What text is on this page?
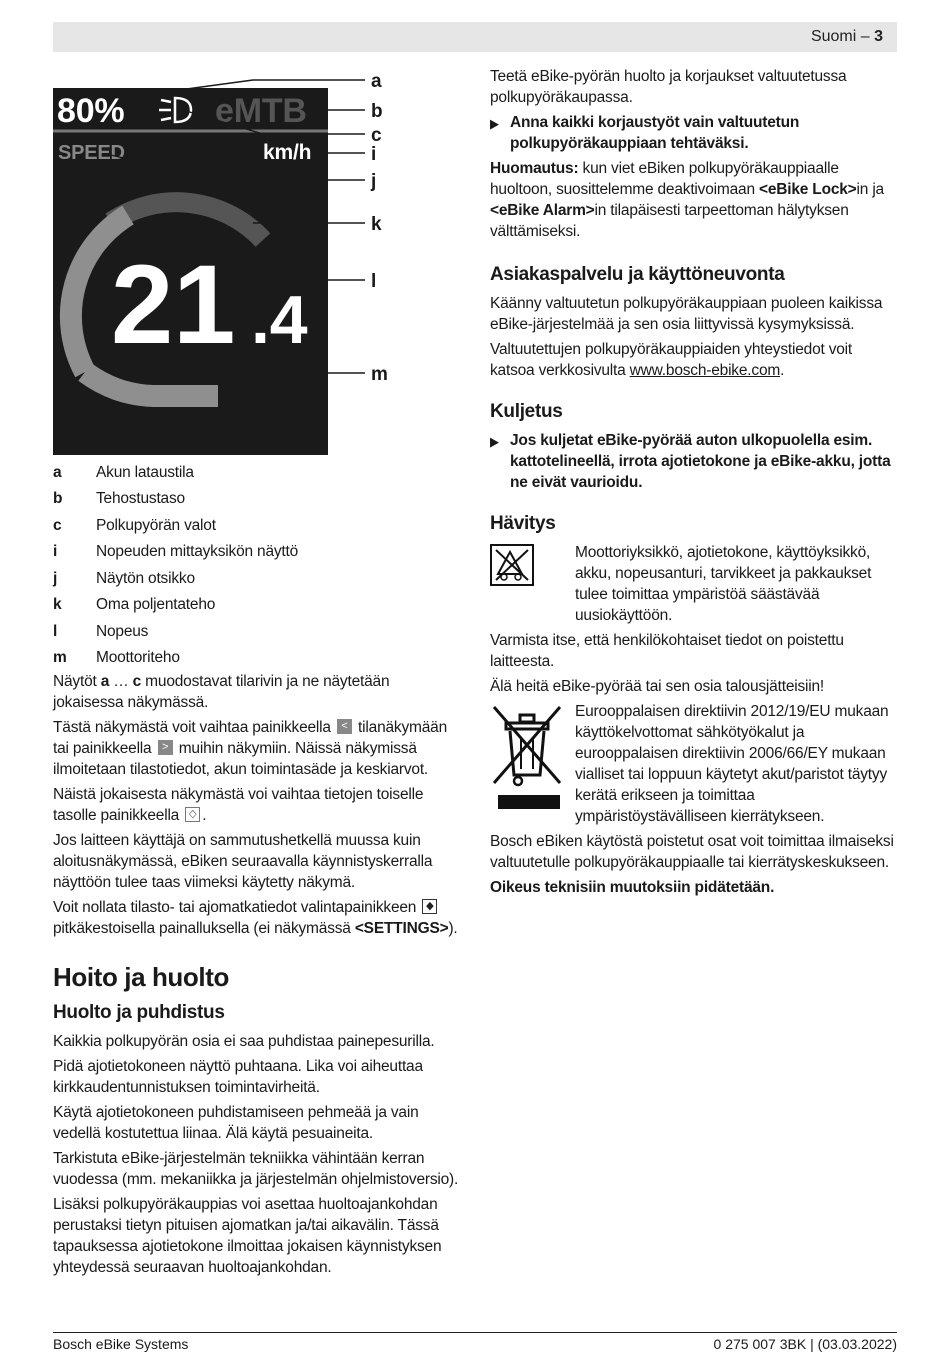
Suomi – 3
80%	eMTB
SPEED	km/h
21 .4
a
b
c
i
j
k
l
m
a	Akun lataustila
b	Tehostustaso
c	Polkupyörän valot
i	Nopeuden mittayksikön näyttö
j	Näytön otsikko
k	Oma poljentateho
l	Nopeus
m	Moottoriteho

Näytöt a … c muodostavat tilarivin ja ne näytetään jokaisessa näkymässä.

Tästä näkymästä voit vaihtaa painikkeella < tilanäkymään tai painikkeella > muihin näkymiin. Näissä näkymissä ilmoitetaan tilastotiedot, akun toimintasäde ja keskiarvot.

Näistä jokaisesta näkymästä voi vaihtaa tietojen toiselle tasolle painikkeella ◇ .

Jos laitteen käyttäjä on sammutushetkellä muussa kuin aloitusnäkymässä, eBiken seuraavalla käynnistyskerralla näyttöön tulee taas viimeksi käytetty näkymä.

Voit nollata tilasto- tai ajomatkatiedot valintapainikkeen ◆
pitkäkestoisella painalluksella (ei näkymässä <SETTINGS>).

Hoito ja huolto
Huolto ja puhdistus

Kaikkia polkupyörän osia ei saa puhdistaa painepesurilla.

Pidä ajotietokoneen näyttö puhtaana. Lika voi aiheuttaa kirkkaudentunnistuksen toimintavirheitä.

Käytä ajotietokoneen puhdistamiseen pehmeää ja vain vedellä kostutettua liinaa. Älä käytä pesuaineita.

Tarkistuta eBike-järjestelmän tekniikka vähintään kerran vuodessa (mm. mekaniikka ja järjestelmän ohjelmistoversio).

Lisäksi polkupyöräkauppias voi asettaa huoltoajankohdan perustaksi tietyn pituisen ajomatkan ja/tai aikavälin. Tässä tapauksessa ajotietokone ilmoittaa jokaisen käynnistyksen yhteydessä seuraavan huoltoajankohdan.

Teetä eBike-pyörän huolto ja korjaukset valtuutetussa polkupyöräkaupassa.

▶ Anna kaikki korjaustyöt vain valtuutetun polkupyöräkauppiaan tehtäväksi.

Huomautus: kun viet eBiken polkupyöräkauppiaalle huoltoon, suosittelemme deaktivoimaan <eBike Lock>in ja <eBike Alarm>in tilapäisesti tarpeettoman hälytyksen välttämiseksi.

Asiakaspalvelu ja käyttöneuvonta

Käänny valtuutetun polkupyöräkauppiaan puoleen kaikissa eBike-järjestelmää ja sen osia liittyvissä kysymyksissä.

Valtuutettujen polkupyöräkauppiaiden yhteystiedot voit katsoa verkkosivulta www.bosch-ebike.com.

Kuljetus
▶ Jos kuljetat eBike-pyörää auton ulkopuolella esim. kattotelineellä, irrota ajotietokone ja eBike-akku, jotta ne eivät vaurioidu.
Hävitys

Moottoriyksikkö, ajotietokone, käyttöyksikkö, akku, nopeusanturi, tarvikkeet ja pakkaukset tulee toimittaa ympäristöä säästävää uusiokäyttöön.

Varmista itse, että henkilökohtaiset tiedot on poistettu laitteesta.

Älä heitä eBike-pyörää tai sen osia talousjätteisiin!

Eurooppalaisen direktiivin 2012/19/EU mukaan käyttökelvottomat sähkötyökalut ja eurooppalaisen direktiivin 2006/66/EY mukaan vialliset tai loppuun käytetyt akut/paristot täytyy kerätä erikseen ja toimittaa ympäristöystävälliseen kierrätykseen.

Bosch eBiken käytöstä poistetut osat voit toimittaa ilmaiseksi valtuutetulle polkupyöräkauppiaalle tai kierrätyskeskukseen.

Oikeus teknisiin muutoksiin pidätetään.

Bosch eBike Systems	0 275 007 3BK | (03.03.2022)
